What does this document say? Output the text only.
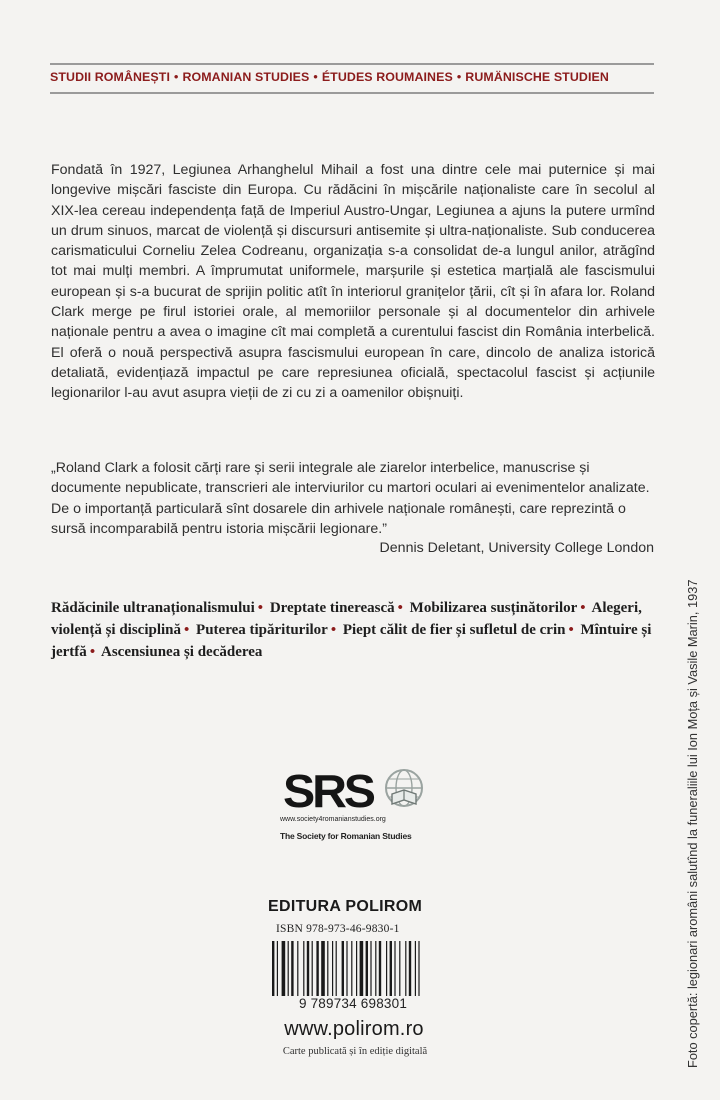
STUDII ROMÂNEȘTI • ROMANIAN STUDIES • ÉTUDES ROUMAINES • RUMÄNISCHE STUDIEN
Fondată în 1927, Legiunea Arhanghelul Mihail a fost una dintre cele mai puternice și mai longevive mișcări fasciste din Europa. Cu rădăcini în mișcările naționaliste care în secolul al XIX-lea cereau independența față de Imperiul Austro-Ungar, Legiunea a ajuns la putere urmînd un drum sinuos, marcat de violență și discursuri antisemite și ultra-naționaliste. Sub conducerea carismaticului Corneliu Zelea Codreanu, organizația s-a consolidat de-a lungul anilor, atrăgînd tot mai mulți membri. A împrumutat uniformele, marșurile și estetica marțială ale fascismului european și s-a bucurat de sprijin politic atît în interiorul granițelor țării, cît și în afara lor. Roland Clark merge pe firul istoriei orale, al memoriilor personale și al documentelor din arhivele naționale pentru a avea o imagine cît mai completă a curentului fascist din România interbelică. El oferă o nouă perspectivă asupra fascismului european în care, dincolo de analiza istorică detaliată, evidențiază impactul pe care represiunea oficială, spectacolul fascist și acțiunile legionarilor l-au avut asupra vieții de zi cu zi a oamenilor obișnuiți.
„Roland Clark a folosit cărți rare și serii integrale ale ziarelor interbelice, manuscrise și documente nepublicate, transcrieri ale interviurilor cu martori oculari ai evenimentelor analizate. De o importanță particulară sînt dosarele din arhivele naționale românești, care reprezintă o sursă incomparabilă pentru istoria mișcării legionare.”
Dennis Deletant, University College London
Rădăcinile ultranaționalismului • Dreptate tinerească • Mobilizarea susținătorilor • Alegeri, violență și disciplină • Puterea tipăriturilor • Piept călit de fier și sufletul de crin • Mîntuire și jertfă • Ascensiunea și decăderea
SRS
www.society4romanianstudies.org
The Society for Romanian Studies
EDITURA POLIROM
ISBN 978-973-46-9830-1
9 789734 698301
www.polirom.ro
Carte publicată și în ediție digitală	Foto copertă: legionari aromâni salutînd la funeraliile lui Ion Moța și Vasile Marin, 1937
